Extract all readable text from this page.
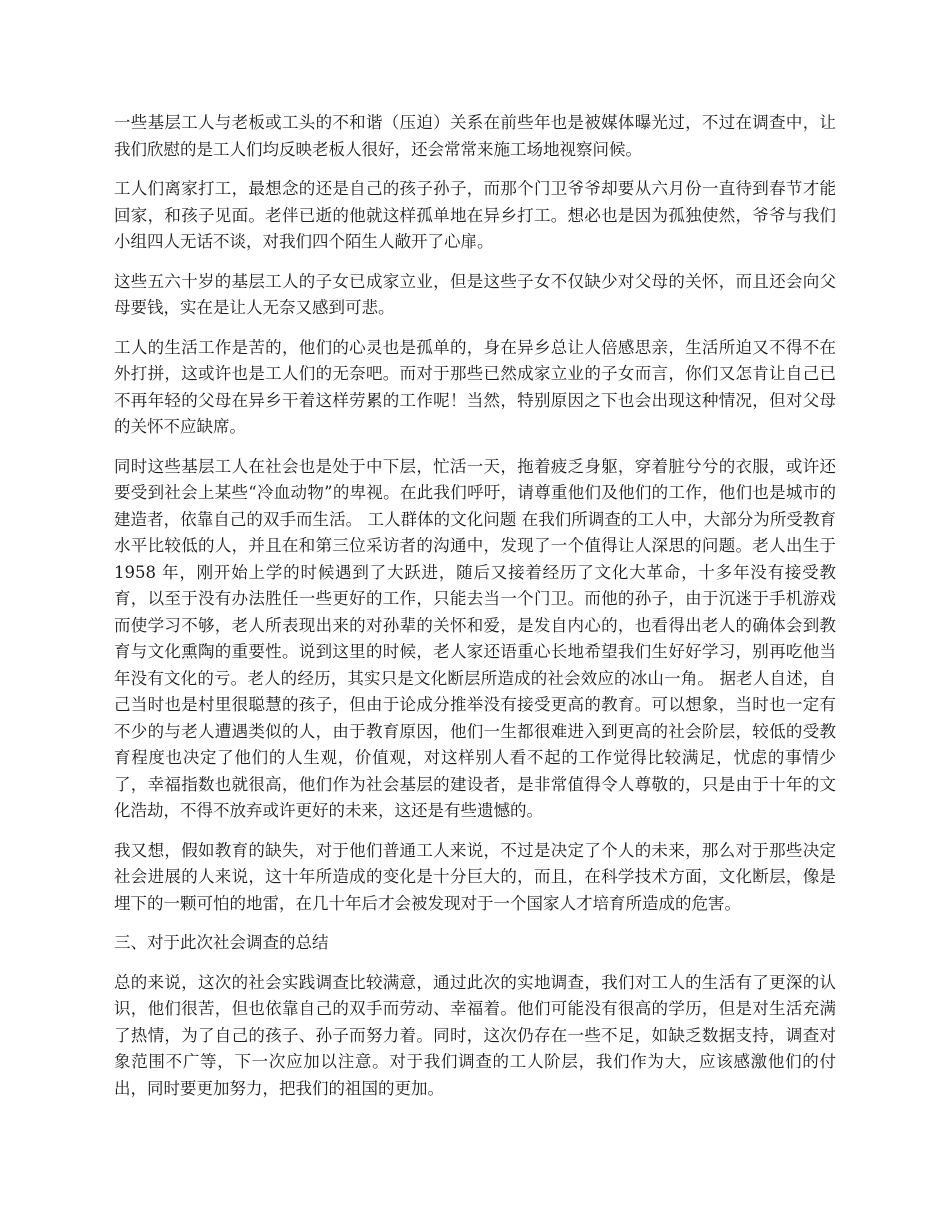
一些基层工人与老板或工头的不和谐（压迫）关系在前些年也是被媒体曝光过，不过在调查中，让我们欣慰的是工人们均反映老板人很好，还会常常来施工场地视察问候。

工人们离家打工，最想念的还是自己的孩子孙子，而那个门卫爷爷却要从六月份一直待到春节才能回家，和孩子见面。老伴已逝的他就这样孤单地在异乡打工。想必也是因为孤独使然，爷爷与我们小组四人无话不谈，对我们四个陌生人敞开了心扉。

这些五六十岁的基层工人的子女已成家立业，但是这些子女不仅缺少对父母的关怀，而且还会向父母要钱，实在是让人无奈又感到可悲。

工人的生活工作是苦的，他们的心灵也是孤单的，身在异乡总让人倍感思亲，生活所迫又不得不在外打拼，这或许也是工人们的无奈吧。而对于那些已然成家立业的子女而言，你们又怎肯让自己已不再年轻的父母在异乡干着这样劳累的工作呢！当然，特别原因之下也会出现这种情况，但对父母的关怀不应缺席。

同时这些基层工人在社会也是处于中下层，忙活一天，拖着疲乏身躯，穿着脏兮兮的衣服，或许还要受到社会上某些“冷血动物”的卑视。在此我们呼吁，请尊重他们及他们的工作，他们也是城市的建造者，依靠自己的双手而生活。 工人群体的文化问题 在我们所调查的工人中，大部分为所受教育水平比较低的人，并且在和第三位采访者的沟通中，发现了一个值得让人深思的问题。老人出生于 1958 年，刚开始上学的时候遇到了大跃进，随后又接着经历了文化大革命，十多年没有接受教育，以至于没有办法胜任一些更好的工作，只能去当一个门卫。而他的孙子，由于沉迷于手机游戏而使学习不够，老人所表现出来的对孙辈的关怀和爱，是发自内心的，也看得出老人的确体会到教育与文化熏陶的重要性。说到这里的时候，老人家还语重心长地希望我们生好好学习，别再吃他当年没有文化的亏。老人的经历，其实只是文化断层所造成的社会效应的冰山一角。 据老人自述，自己当时也是村里很聪慧的孩子，但由于论成分推举没有接受更高的教育。可以想象，当时也一定有不少的与老人遭遇类似的人，由于教育原因，他们一生都很难进入到更高的社会阶层，较低的受教育程度也决定了他们的人生观，价值观，对这样别人看不起的工作觉得比较满足，忧虑的事情少了，幸福指数也就很高，他们作为社会基层的建设者，是非常值得令人尊敬的，只是由于十年的文化浩劫，不得不放弃或许更好的未来，这还是有些遗憾的。

我又想，假如教育的缺失，对于他们普通工人来说，不过是决定了个人的未来，那么对于那些决定社会进展的人来说，这十年所造成的变化是十分巨大的，而且，在科学技术方面，文化断层，像是埋下的一颗可怕的地雷，在几十年后才会被发现对于一个国家人才培育所造成的危害。

三、对于此次社会调查的总结

总的来说，这次的社会实践调查比较满意，通过此次的实地调查，我们对工人的生活有了更深的认识，他们很苦，但也依靠自己的双手而劳动、幸福着。他们可能没有很高的学历，但是对生活充满了热情，为了自己的孩子、孙子而努力着。同时，这次仍存在一些不足，如缺乏数据支持，调查对象范围不广等，下一次应加以注意。对于我们调查的工人阶层，我们作为大，应该感激他们的付出，同时要更加努力，把我们的祖国的更加。
